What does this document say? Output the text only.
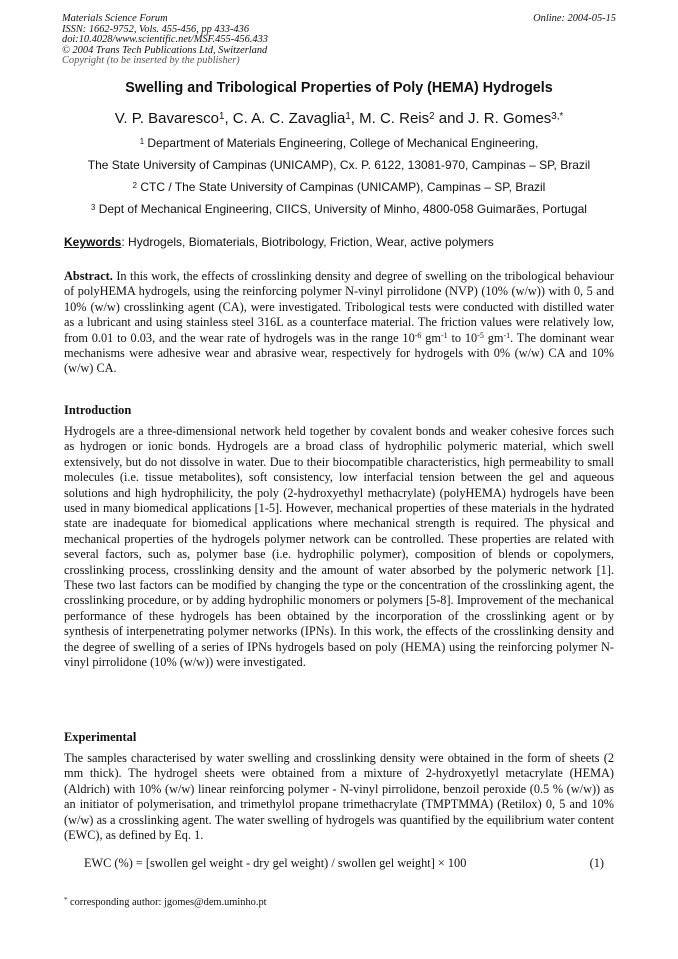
Materials Science Forum
ISSN: 1662-9752, Vols. 455-456, pp 433-436
doi:10.4028/www.scientific.net/MSF.455-456.433
© 2004 Trans Tech Publications Ltd, Switzerland
Copyright (to be inserted by the publisher)
Online: 2004-05-15
Swelling and Tribological Properties of Poly (HEMA) Hydrogels
V. P. Bavaresco$^1$, C. A. C. Zavaglia$^1$, M. C. Reis$^2$ and J. R. Gomes$^{3,*}$
$^1$ Department of Materials Engineering, College of Mechanical Engineering,
The State University of Campinas (UNICAMP), Cx. P. 6122, 13081-970, Campinas – SP, Brazil
$^2$ CTC / The State University of Campinas (UNICAMP), Campinas – SP, Brazil
$^3$ Dept of Mechanical Engineering, CIICS, University of Minho, 4800-058 Guimarães, Portugal
Keywords: Hydrogels, Biomaterials, Biotribology, Friction, Wear, active polymers
Abstract. In this work, the effects of crosslinking density and degree of swelling on the tribological behaviour of polyHEMA hydrogels, using the reinforcing polymer N-vinyl pirrolidone (NVP) (10% (w/w)) with 0, 5 and 10% (w/w) crosslinking agent (CA), were investigated. Tribological tests were conducted with distilled water as a lubricant and using stainless steel 316L as a counterface material. The friction values were relatively low, from 0.01 to 0.03, and the wear rate of hydrogels was in the range $10^{-6}$ $gm^{-1}$ to $10^{-5}$ $gm^{-1}$. The dominant wear mechanisms were adhesive wear and abrasive wear, respectively for hydrogels with 0% (w/w) CA and 10% (w/w) CA.
Introduction
Hydrogels are a three-dimensional network held together by covalent bonds and weaker cohesive forces such as hydrogen or ionic bonds. Hydrogels are a broad class of hydrophilic polymeric material, which swell extensively, but do not dissolve in water. Due to their biocompatible characteristics, high permeability to small molecules (i.e. tissue metabolites), soft consistency, low interfacial tension between the gel and aqueous solutions and high hydrophilicity, the poly (2-hydroxyethyl methacrylate) (polyHEMA) hydrogels have been used in many biomedical applications [1-5]. However, mechanical properties of these materials in the hydrated state are inadequate for biomedical applications where mechanical strength is required. The physical and mechanical properties of the hydrogels polymer network can be controlled. These properties are related with several factors, such as, polymer base (i.e. hydrophilic polymer), composition of blends or copolymers, crosslinking process, crosslinking density and the amount of water absorbed by the polymeric network [1]. These two last factors can be modified by changing the type or the concentration of the crosslinking agent, the crosslinking procedure, or by adding hydrophilic monomers or polymers [5-8]. Improvement of the mechanical performance of these hydrogels has been obtained by the incorporation of the crosslinking agent or by synthesis of interpenetrating polymer networks (IPNs). In this work, the effects of the crosslinking density and the degree of swelling of a series of IPNs hydrogels based on poly (HEMA) using the reinforcing polymer N-vinyl pirrolidone (10% (w/w)) were investigated.
Experimental
The samples characterised by water swelling and crosslinking density were obtained in the form of sheets (2 mm thick). The hydrogel sheets were obtained from a mixture of 2-hydroxyetlyl metacrylate (HEMA) (Aldrich) with 10% (w/w) linear reinforcing polymer - N-vinyl pirrolidone, benzoil peroxide (0.5 % (w/w)) as an initiator of polymerisation, and trimethylol propane trimethacrylate (TMPTMMA) (Retilox) 0, 5 and 10% (w/w) as a crosslinking agent. The water swelling of hydrogels was quantified by the equilibrium water content (EWC), as defined by Eq. 1.
EWC (%) = [swollen gel weight - dry gel weight) / swollen gel weight] × 100	(1)
* corresponding author: jgomes@dem.uminho.pt
